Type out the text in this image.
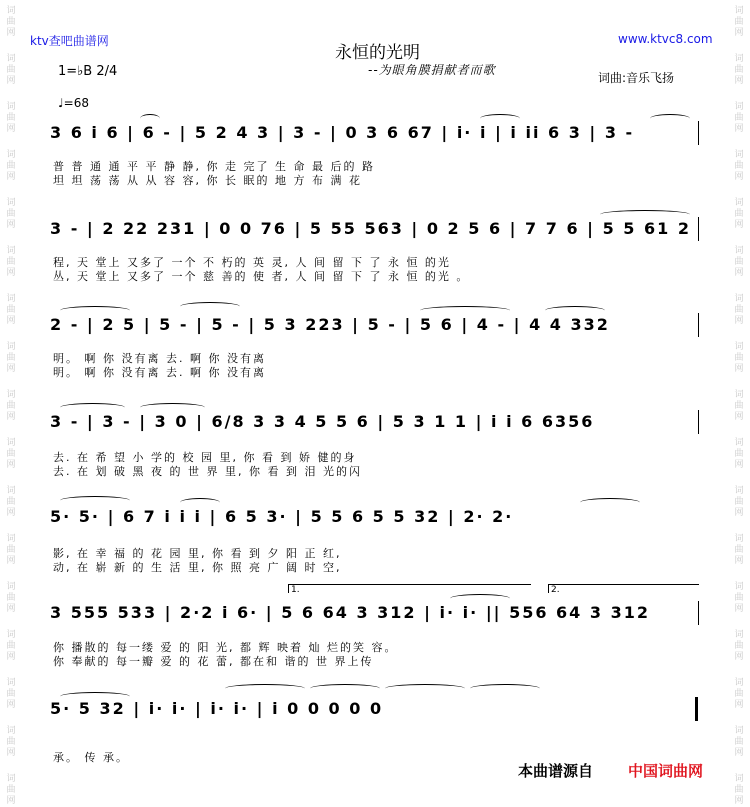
词
曲
网
词
曲
网
词
曲
网
词
曲
网
词
曲
网
词
曲
网
词
曲
网
词
曲
网
词
曲
网
词
曲
网
词
曲
网
词
曲
网
词
曲
网
词
曲
网
词
曲
网
词
曲
网
词
曲
网
词
曲
网
词
曲
网
词
曲
网
词
曲
网
词
曲
网
词
曲
网
词
曲
网
词
曲
网
词
曲
网
词
曲
网
词
曲
网
词
曲
网
词
曲
网
词
曲
网
词
曲
网
词
曲
网
词
曲
网
ktv查吧曲谱网	www.ktvc8.com
永恒的光明
--为眼角膜捐献者而歌
词曲:音乐飞扬
1=♭B 2/4
♩=68
3 6 i 6 | 6 - | 5 2 4 3 | 3 - | 0 3 6 67 | i· i | i ii 6 3 | 3 -
普 普 通 通 平 平 静 静, 你 走 完了 生 命 最 后的 路
坦 坦 荡 荡 从 从 容 容, 你 长 眠的 地 方 布 满 花
3 - | 2 22 231 | 0 0 76 | 5 55 563 | 0 2 5 6 | 7 7 6 | 5 5 61 2
程, 天 堂上 又多了 一个 不 朽的 英 灵, 人 间 留 下 了 永 恒 的光
丛, 天 堂上 又多了 一个 慈 善的 使 者, 人 间 留 下 了 永 恒 的光 。
2 - | 2 5 | 5 - | 5 - | 5 3 223 | 5 - | 5 6 | 4 - | 4 4 332
明。 啊 你 没有离 去. 啊 你 没有离
明。 啊 你 没有离 去. 啊 你 没有离
3 - | 3 - | 3 0 | 6/8 3 3 4 5 5 6 | 5 3 1 1 | i i 6 6356
去. 在 希 望 小 学的 校 园 里, 你 看 到 娇 健的身
去. 在 划 破 黑 夜 的 世 界 里, 你 看 到 泪 光的闪
5· 5· | 6 7 i i i | 6 5 3· | 5 5 6 5 5 32 | 2· 2·
影, 在 幸 福 的 花 园 里, 你 看 到 夕 阳 正 红,
动, 在 崭 新 的 生 活 里, 你 照 亮 广 阔 时 空,
1.	2.
3 555 533 | 2·2 i 6· | 5 6 64 3 312 | i· i· || 556 64 3 312
你 播散的 每一缕 爱 的 阳 光, 都 辉 映着 灿 烂的笑 容。
你 奉献的 每一瓣 爱 的 花 蕾, 都在和 谐的 世 界上传
5· 5 32 | i· i· | i· i· | i 0 0 0 0 0
承。 传 承。
本曲谱源自 中国词曲网
